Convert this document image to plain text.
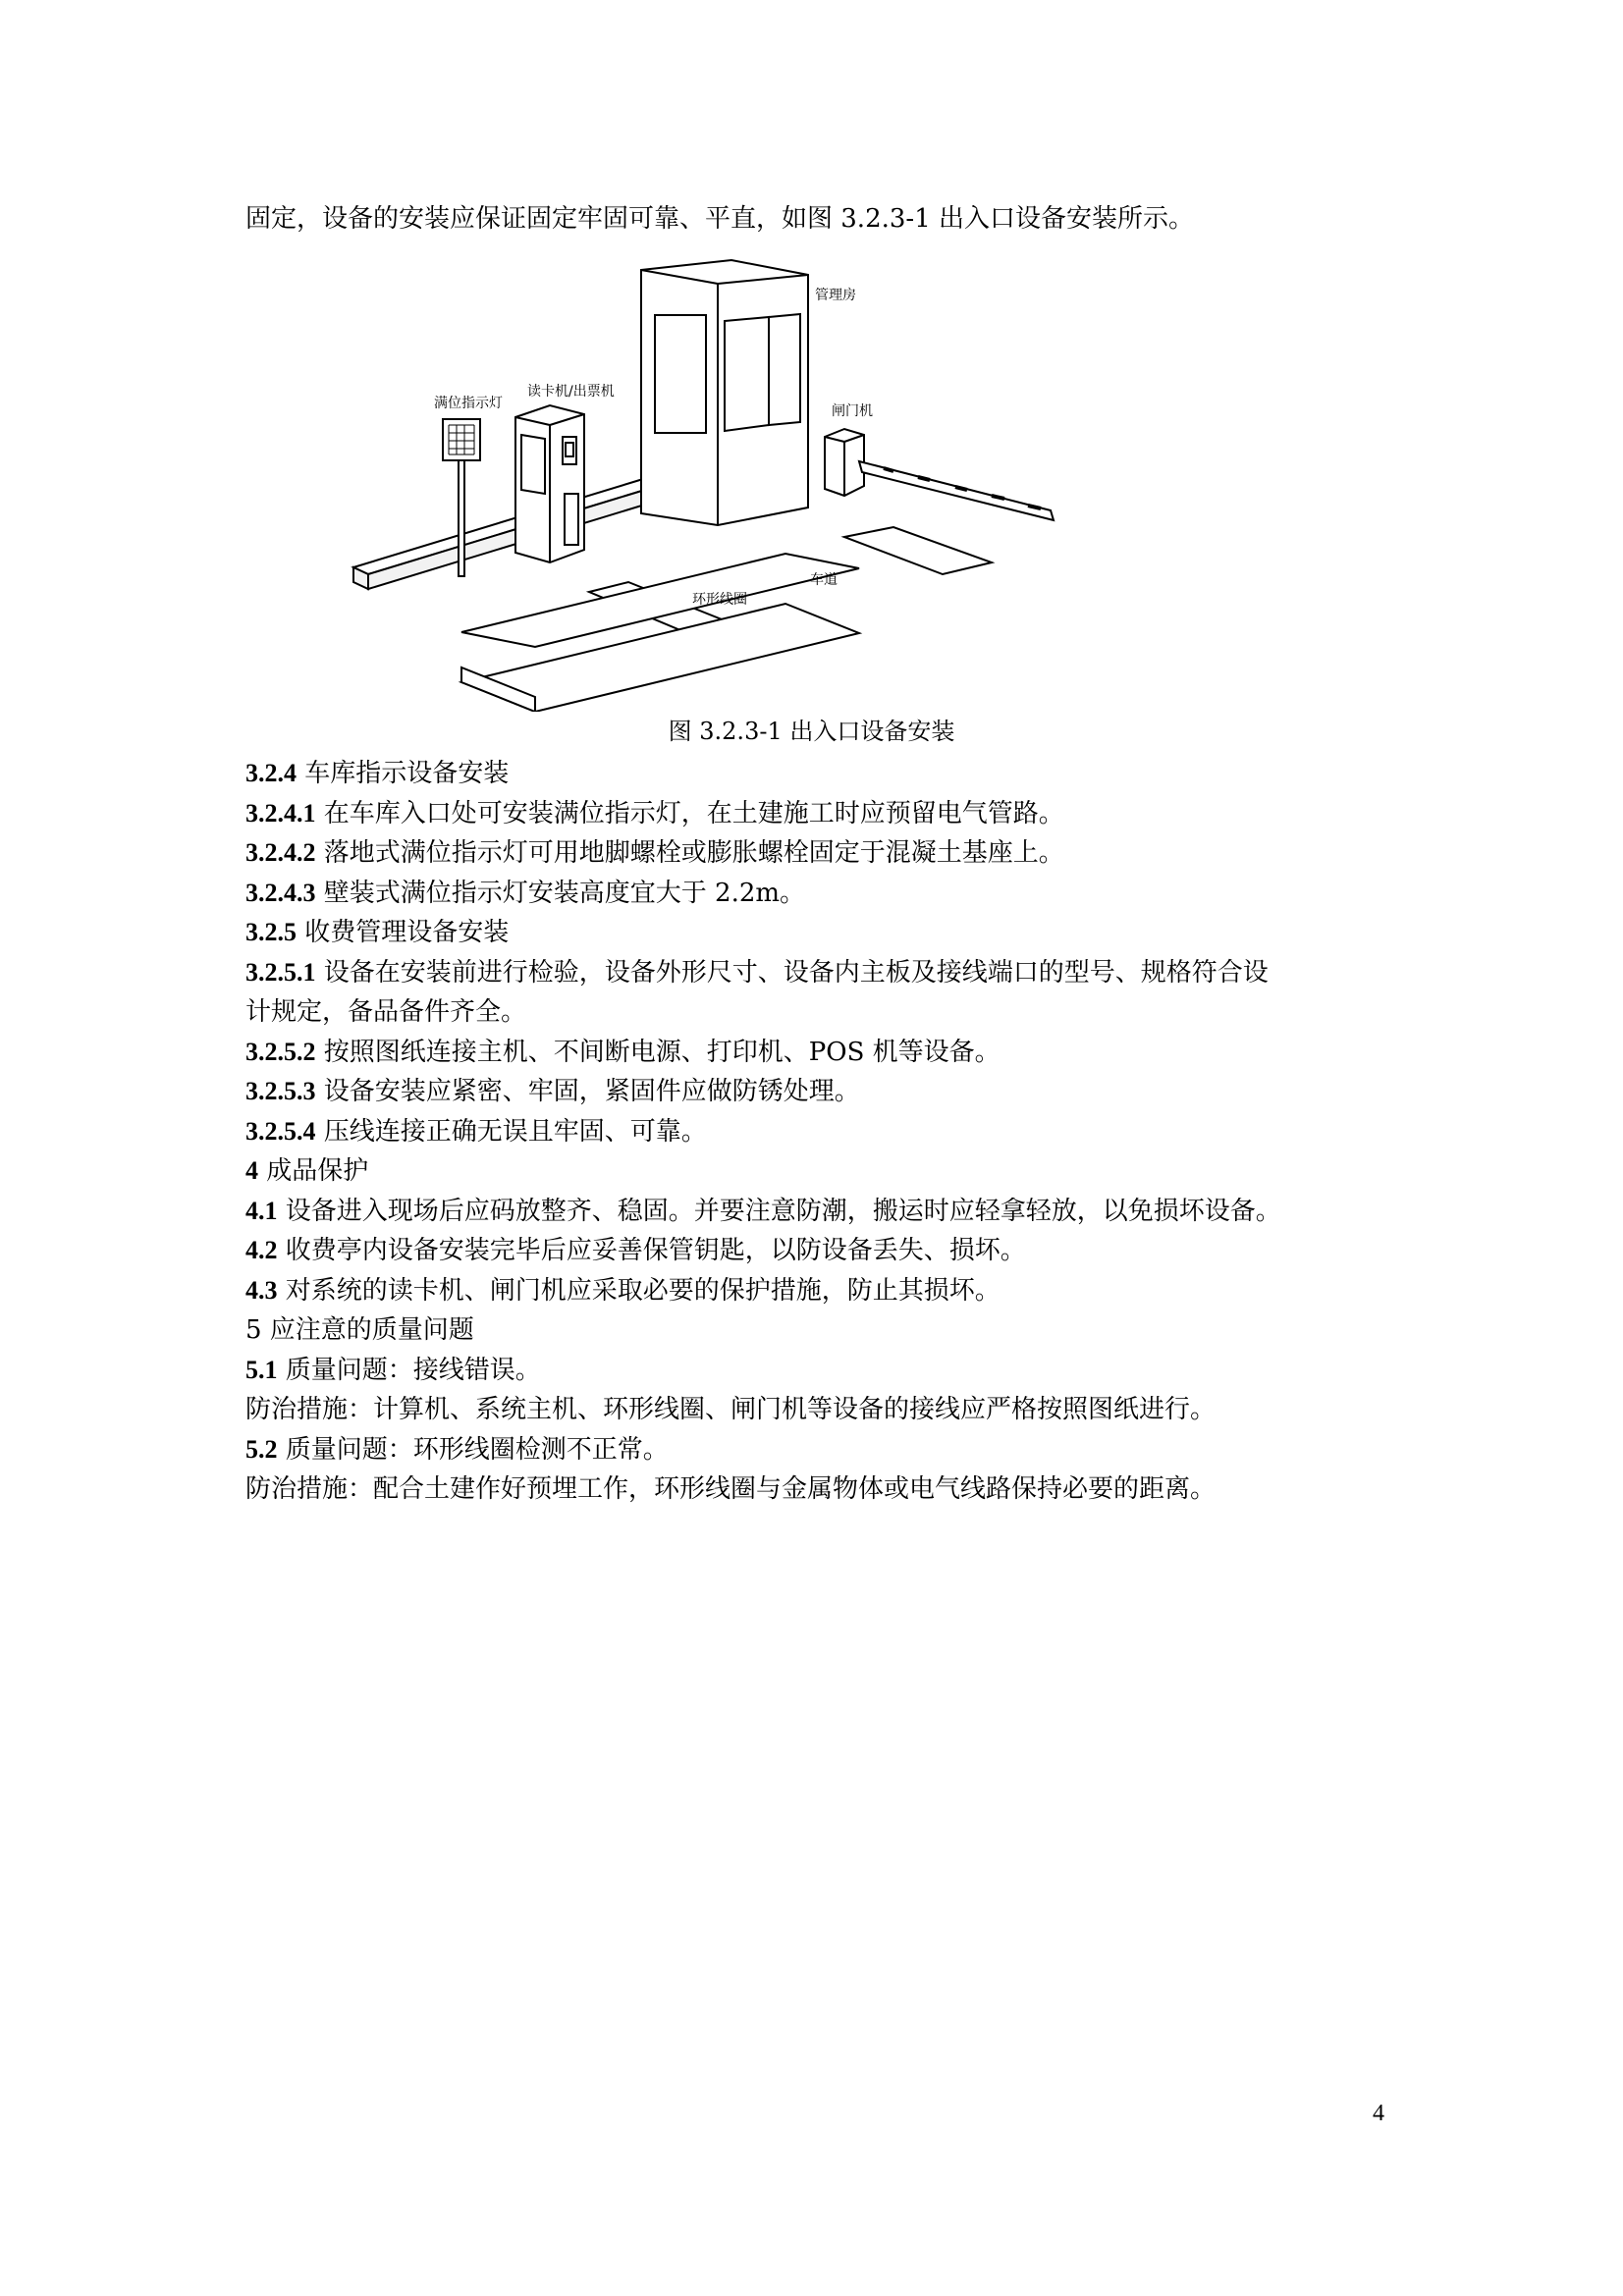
固定，设备的安装应保证固定牢固可靠、平直，如图 3.2.3-1 出入口设备安装所示。
管理房
满位指示灯
读卡机/出票机
闸门机
车道
环形线圈
图 3.2.3-1 出入口设备安装
3.2.4 车库指示设备安装
3.2.4.1 在车库入口处可安装满位指示灯，在土建施工时应预留电气管路。
3.2.4.2 落地式满位指示灯可用地脚螺栓或膨胀螺栓固定于混凝土基座上。
3.2.4.3 壁装式满位指示灯安装高度宜大于 2.2m。
3.2.5 收费管理设备安装
3.2.5.1 设备在安装前进行检验，设备外形尺寸、设备内主板及接线端口的型号、规格符合设
计规定，备品备件齐全。
3.2.5.2 按照图纸连接主机、不间断电源、打印机、POS 机等设备。
3.2.5.3 设备安装应紧密、牢固，紧固件应做防锈处理。
3.2.5.4 压线连接正确无误且牢固、可靠。
4 成品保护
4.1 设备进入现场后应码放整齐、稳固。并要注意防潮，搬运时应轻拿轻放，以免损坏设备。
4.2 收费亭内设备安装完毕后应妥善保管钥匙，以防设备丢失、损坏。
4.3 对系统的读卡机、闸门机应采取必要的保护措施，防止其损坏。
5 应注意的质量问题
5.1 质量问题：接线错误。
防治措施：计算机、系统主机、环形线圈、闸门机等设备的接线应严格按照图纸进行。
5.2 质量问题：环形线圈检测不正常。
防治措施：配合土建作好预埋工作，环形线圈与金属物体或电气线路保持必要的距离。
4
